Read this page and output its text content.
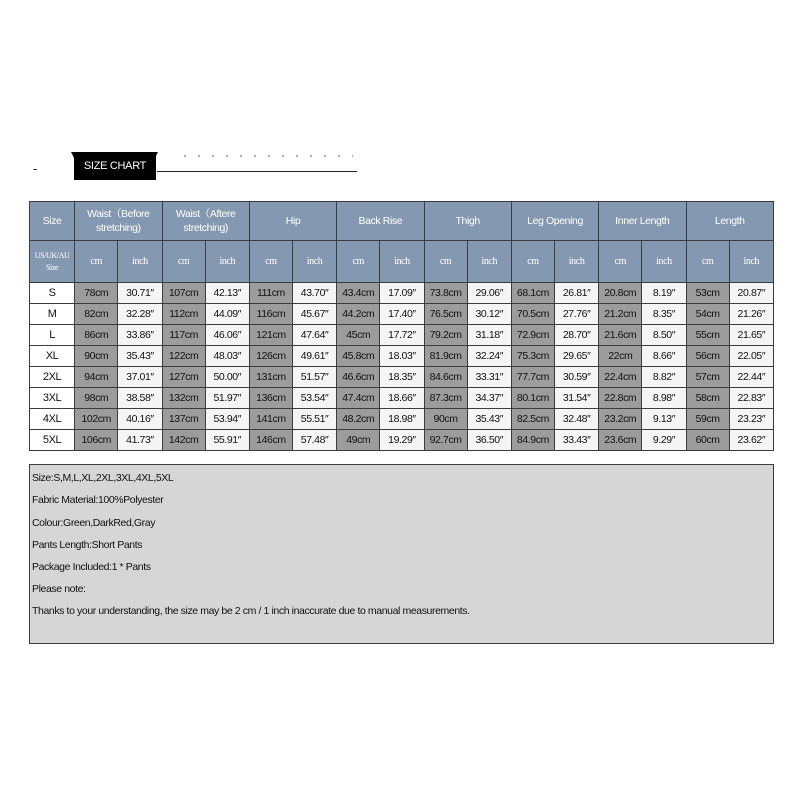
-	SIZE CHART
Size	Waist（Before stretching)		Waist（Aftere stretching)		Hip		Back Rise		Thigh		Leg Opening		Inner Length		Length	
US/UK/AU Size	cm	inch	cm	inch	cm	inch	cm	inch	cm	inch	cm	inch	cm	inch	cm	inch
S	78cm	30.71″	107cm	42.13″	111cm	43.70″	43.4cm	17.09″	73.8cm	29.06″	68.1cm	26.81″	20.8cm	8.19″	53cm	20.87″
M	82cm	32.28″	112cm	44.09″	116cm	45.67″	44.2cm	17.40″	76.5cm	30.12″	70.5cm	27.76″	21.2cm	8.35″	54cm	21.26″
L	86cm	33.86″	117cm	46.06″	121cm	47.64″	45cm	17.72″	79.2cm	31.18″	72.9cm	28.70″	21.6cm	8.50″	55cm	21.65″
XL	90cm	35.43″	122cm	48.03″	126cm	49.61″	45.8cm	18.03″	81.9cm	32.24″	75.3cm	29.65″	22cm	8.66″	56cm	22.05″
2XL	94cm	37.01″	127cm	50.00″	131cm	51.57″	46.6cm	18.35″	84.6cm	33.31″	77.7cm	30.59″	22.4cm	8.82″	57cm	22.44″
3XL	98cm	38.58″	132cm	51.97″	136cm	53.54″	47.4cm	18.66″	87.3cm	34.37″	80.1cm	31.54″	22.8cm	8.98″	58cm	22.83″
4XL	102cm	40.16″	137cm	53.94″	141cm	55.51″	48.2cm	18.98″	90cm	35.43″	82.5cm	32.48″	23.2cm	9.13″	59cm	23.23″
5XL	106cm	41.73″	142cm	55.91″	146cm	57.48″	49cm	19.29″	92.7cm	36.50″	84.9cm	33.43″	23.6cm	9.29″	60cm	23.62″
Size:S,M,L,XL,2XL,3XL,4XL,5XL
Fabric Material:100%Polyester
Colour:Green,DarkRed,Gray
Pants Length:Short Pants
Package Included:1 * Pants
Please note:
Thanks to your understanding, the size may be 2 cm / 1 inch inaccurate due to manual measurements.
